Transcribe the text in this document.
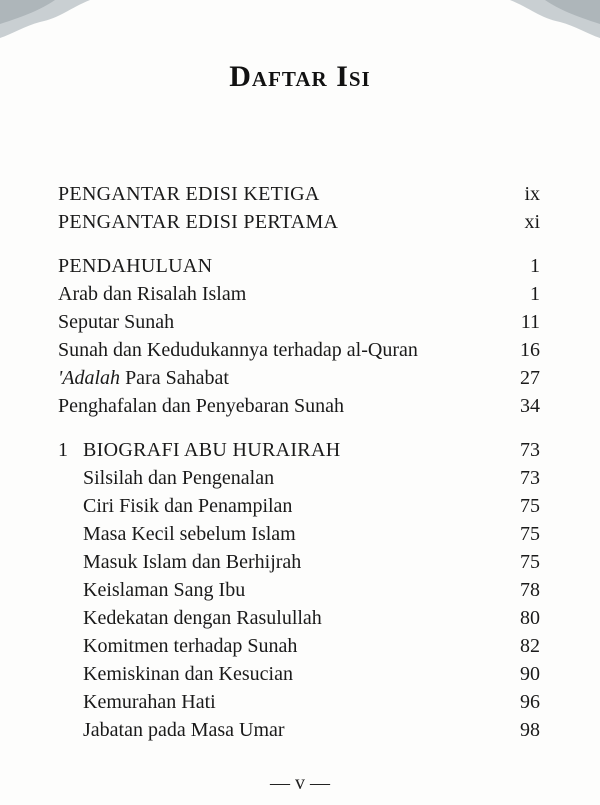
Daftar Isi
PENGANTAR EDISI KETIGA	ix
PENGANTAR EDISI PERTAMA	xi
PENDAHULUAN	1
Arab dan Risalah Islam	1
Seputar Sunah	11
Sunah dan Kedudukannya terhadap al-Quran	16
'Adalah Para Sahabat	27
Penghafalan dan Penyebaran Sunah	34
1 BIOGRAFI ABU HURAIRAH	73
Silsilah dan Pengenalan	73
Ciri Fisik dan Penampilan	75
Masa Kecil sebelum Islam	75
Masuk Islam dan Berhijrah	75
Keislaman Sang Ibu	78
Kedekatan dengan Rasulullah	80
Komitmen terhadap Sunah	82
Kemiskinan dan Kesucian	90
Kemurahan Hati	96
Jabatan pada Masa Umar	98
— v —
